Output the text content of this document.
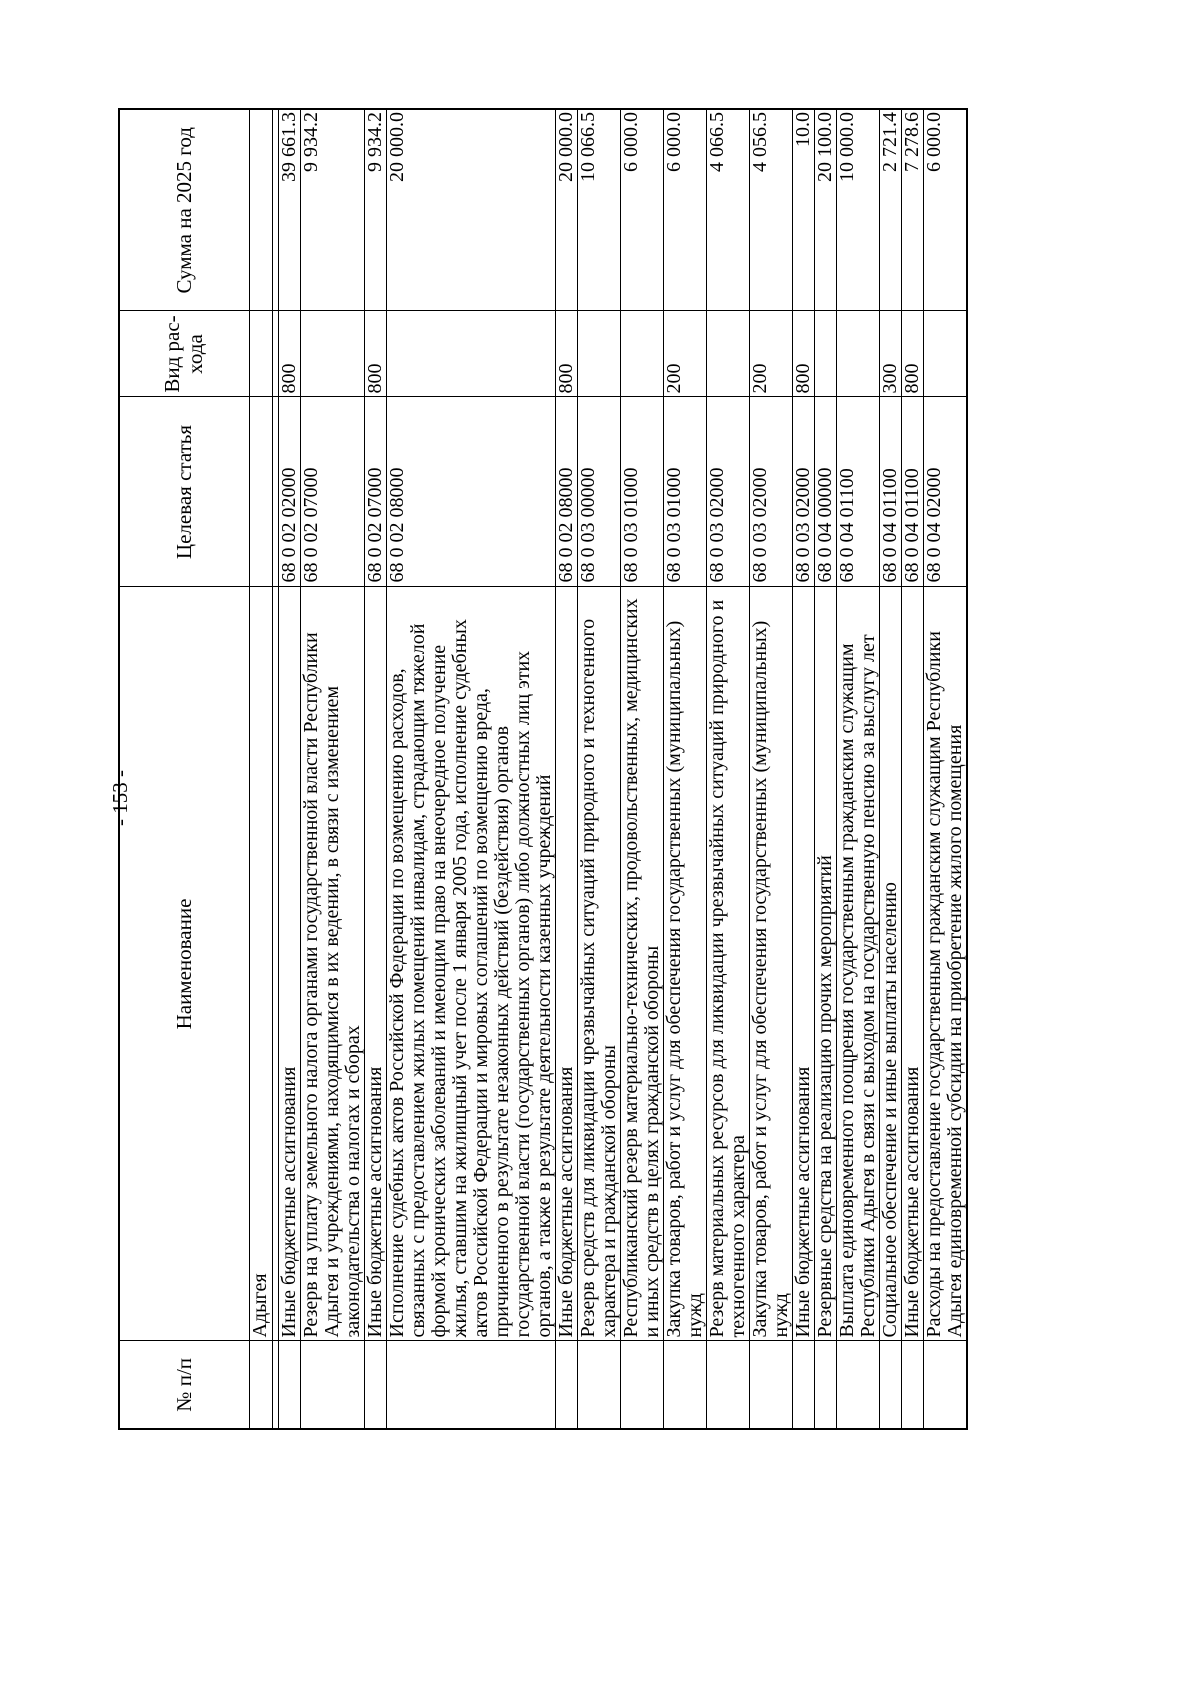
- 153 -
№ п/п	Наименование	Целевая статья	Вид рас- хода	Сумма на 2025 год
	Адыгея			

	Иные бюджетные ассигнования	68 0 02 02000	800	39 661.3
	Резерв на уплату земельного налога органами государственной власти Республики Адыгея и учреждениями, находящимися в их ведении, в связи с изменением законодательства о налогах и сборах	68 0 02 07000		9 934.2
	Иные бюджетные ассигнования	68 0 02 07000	800	9 934.2
	Исполнение судебных актов Российской Федерации по возмещению расходов, связанных с предоставлением жилых помещений инвалидам, страдающим тяжелой формой хронических заболеваний и имеющим право на внеочередное получение жилья, ставшим на жилищный учет после 1 января 2005 года, исполнение судебных актов Российской Федерации и мировых соглашений по возмещению вреда, причиненного в результате незаконных действий (бездействия) органов государственной власти (государственных органов) либо должностных лиц этих органов, а также в результате деятельности казенных учреждений	68 0 02 08000		20 000.0
	Иные бюджетные ассигнования	68 0 02 08000	800	20 000.0
	Резерв средств для ликвидации чрезвычайных ситуаций природного и техногенного характера и гражданской обороны	68 0 03 00000		10 066.5
	Республиканский резерв материально-технических, продовольственных, медицинских и иных средств в целях гражданской обороны	68 0 03 01000		6 000.0
	Закупка товаров, работ и услуг для обеспечения государственных (муниципальных) нужд	68 0 03 01000	200	6 000.0
	Резерв материальных ресурсов для ликвидации чрезвычайных ситуаций природного и техногенного характера	68 0 03 02000		4 066.5
	Закупка товаров, работ и услуг для обеспечения государственных (муниципальных) нужд	68 0 03 02000	200	4 056.5
	Иные бюджетные ассигнования	68 0 03 02000	800	10.0
	Резервные средства на реализацию прочих мероприятий	68 0 04 00000		20 100.0
	Выплата единовременного поощрения государственным гражданским служащим Республики Адыгея в связи с выходом на государственную пенсию за выслугу лет	68 0 04 01100		10 000.0
	Социальное обеспечение и иные выплаты населению	68 0 04 01100	300	2 721.4
	Иные бюджетные ассигнования	68 0 04 01100	800	7 278.6
	Расходы на предоставление государственным гражданским служащим Республики Адыгея единовременной субсидии на приобретение жилого помещения	68 0 04 02000		6 000.0
